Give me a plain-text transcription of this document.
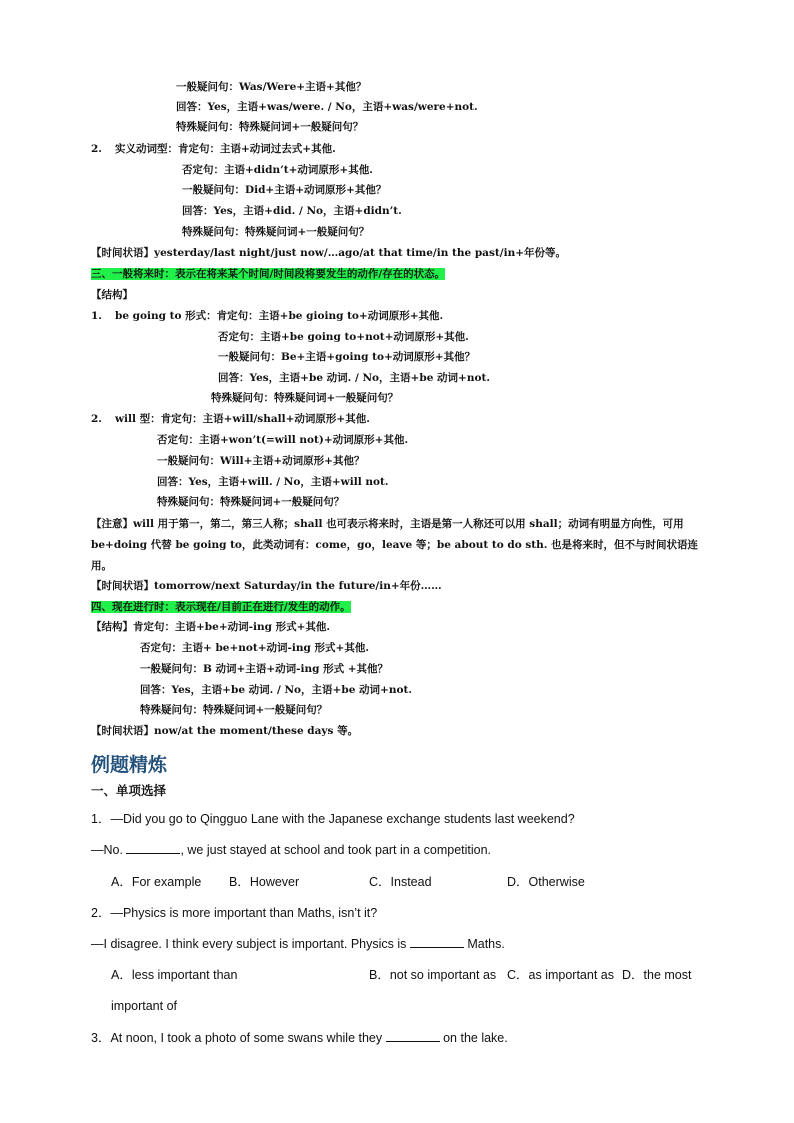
一般疑问句：Was/Were+主语+其他？
回答：Yes，主语+was/were. / No，主语+was/were+not.
特殊疑问句：特殊疑问词+一般疑问句？
2. 实义动词型：肯定句：主语+动词过去式+其他.
否定句：主语+didn’t+动词原形+其他.
一般疑问句：Did+主语+动词原形+其他？
回答：Yes，主语+did. / No，主语+didn’t.
特殊疑问句：特殊疑问词+一般疑问句？
【时间状语】yesterday/last night/just now/…ago/at that time/in the past/in+年份等。
三、一般将来时：表示在将来某个时间/时间段将要发生的动作/存在的状态。
【结构】
1. be going to 形式：肯定句：主语+be gioing to+动词原形+其他.
否定句：主语+be going to+not+动词原形+其他.
一般疑问句：Be+主语+going to+动词原形+其他？
回答：Yes，主语+be 动词. / No，主语+be 动词+not.
特殊疑问句：特殊疑问词+一般疑问句？
2. will 型：肯定句：主语+will/shall+动词原形+其他.
否定句：主语+won’t(=will not)+动词原形+其他.
一般疑问句：Will+主语+动词原形+其他？
回答：Yes，主语+will. / No，主语+will not.
特殊疑问句：特殊疑问词+一般疑问句？
【注意】will 用于第一，第二，第三人称；shall 也可表示将来时，主语是第一人称还可以用 shall；动词有明显方向性，可用 be+doing 代替 be going to，此类动词有：come，go，leave 等；be about to do sth. 也是将来时，但不与时间状语连用。
【时间状语】tomorrow/next Saturday/in the future/in+年份……
四、现在进行时：表示现在/目前正在进行/发生的动作。
【结构】肯定句：主语+be+动词-ing 形式+其他.
否定句：主语+ be+not+动词-ing 形式+其他.
一般疑问句：B 动词+主语+动词-ing 形式 +其他？
回答：Yes，主语+be 动词. / No，主语+be 动词+not.
特殊疑问句：特殊疑问词+一般疑问句？
【时间状语】now/at the moment/these days 等。
例题精炼
一、单项选择
1．—Did you go to Qingguo Lane with the Japanese exchange students last weekend?
—No.	, we just stayed at school and took part in a competition.
A．For example B．However	C．Instead	D．Otherwise
2．—Physics is more important than Maths, isn’t it?
—I disagree. I think every subject is important. Physics is	Maths.
A．less important than	B．not so important as C．as important as D．the most
important of
3．At noon, I took a photo of some swans while they	on the lake.
